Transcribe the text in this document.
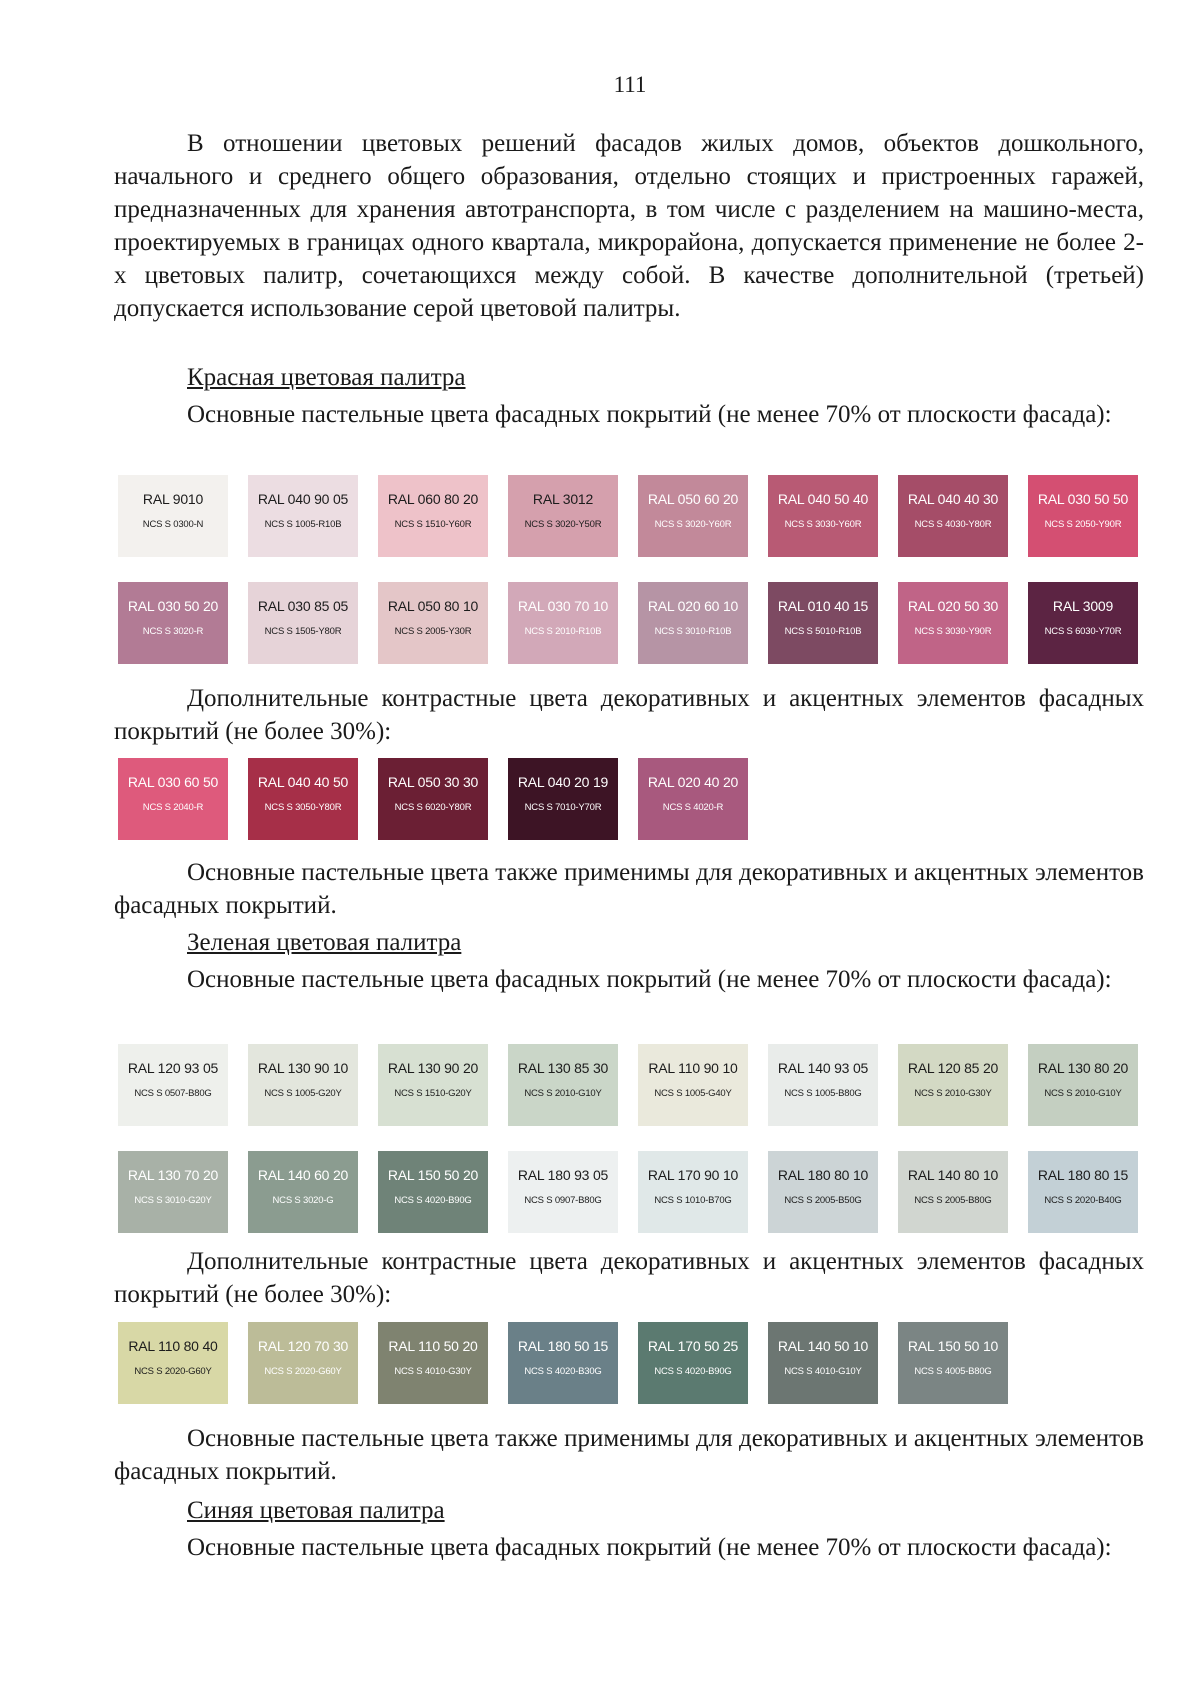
111

В отношении цветовых решений фасадов жилых домов, объектов дошкольного, начального и среднего общего образования, отдельно стоящих и пристроенных гаражей, предназначенных для хранения автотранспорта, в том числе с разделением на машино-места, проектируемых в границах одного квартала, микрорайона, допускается применение не более 2-х цветовых палитр, сочетающихся между собой. В качестве дополнительной (третьей) допускается использование серой цветовой палитры.

Красная цветовая палитра

Основные пастельные цвета фасадных покрытий (не менее 70% от плоскости фасада):

RAL 9010
NCS S 0300-N
RAL 040 90 05
NCS S 1005-R10B
RAL 060 80 20
NCS S 1510-Y60R
RAL 3012
NCS S 3020-Y50R
RAL 050 60 20
NCS S 3020-Y60R
RAL 040 50 40
NCS S 3030-Y60R
RAL 040 40 30
NCS S 4030-Y80R
RAL 030 50 50
NCS S 2050-Y90R
RAL 030 50 20
NCS S 3020-R
RAL 030 85 05
NCS S 1505-Y80R
RAL 050 80 10
NCS S 2005-Y30R
RAL 030 70 10
NCS S 2010-R10B
RAL 020 60 10
NCS S 3010-R10B
RAL 010 40 15
NCS S 5010-R10B
RAL 020 50 30
NCS S 3030-Y90R
RAL 3009
NCS S 6030-Y70R

Дополнительные контрастные цвета декоративных и акцентных элементов фасадных покрытий (не более 30%):

RAL 030 60 50
NCS S 2040-R
RAL 040 40 50
NCS S 3050-Y80R
RAL 050 30 30
NCS S 6020-Y80R
RAL 040 20 19
NCS S 7010-Y70R
RAL 020 40 20
NCS S 4020-R

Основные пастельные цвета также применимы для декоративных и акцентных элементов фасадных покрытий.

Зеленая цветовая палитра

Основные пастельные цвета фасадных покрытий (не менее 70% от плоскости фасада):

RAL 120 93 05
NCS S 0507-B80G
RAL 130 90 10
NCS S 1005-G20Y
RAL 130 90 20
NCS S 1510-G20Y
RAL 130 85 30
NCS S 2010-G10Y
RAL 110 90 10
NCS S 1005-G40Y
RAL 140 93 05
NCS S 1005-B80G
RAL 120 85 20
NCS S 2010-G30Y
RAL 130 80 20
NCS S 2010-G10Y
RAL 130 70 20
NCS S 3010-G20Y
RAL 140 60 20
NCS S 3020-G
RAL 150 50 20
NCS S 4020-B90G
RAL 180 93 05
NCS S 0907-B80G
RAL 170 90 10
NCS S 1010-B70G
RAL 180 80 10
NCS S 2005-B50G
RAL 140 80 10
NCS S 2005-B80G
RAL 180 80 15
NCS S 2020-B40G

Дополнительные контрастные цвета декоративных и акцентных элементов фасадных покрытий (не более 30%):

RAL 110 80 40
NCS S 2020-G60Y
RAL 120 70 30
NCS S 2020-G60Y
RAL 110 50 20
NCS S 4010-G30Y
RAL 180 50 15
NCS S 4020-B30G
RAL 170 50 25
NCS S 4020-B90G
RAL 140 50 10
NCS S 4010-G10Y
RAL 150 50 10
NCS S 4005-B80G

Основные пастельные цвета также применимы для декоративных и акцентных элементов фасадных покрытий.

Синяя цветовая палитра

Основные пастельные цвета фасадных покрытий (не менее 70% от плоскости фасада):
